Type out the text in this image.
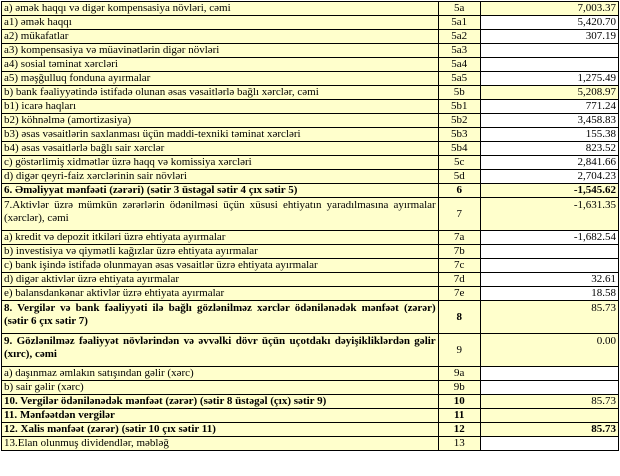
a) əmək haqqı və digər kompensasiya növləri, cəmi	5a	7,003.37
a1) əmək haqqı	5a1	5,420.70
a2) mükafatlar	5a2	307.19
a3) kompensasiya və müavinətlərin digər növləri	5a3	
a4) sosial təminat xərcləri	5a4	
a5) məşğulluq fonduna ayırmalar	5a5	1,275.49
b) bank fəaliyyətində istifadə olunan əsas vəsaitlərlə bağlı xərclər, cəmi	5b	5,208.97
b1) icarə haqları	5b1	771.24
b2) köhnəlmə (amortizasiya)	5b2	3,458.83
b3) əsas vəsaitlərin saxlanması üçün maddi-texniki təminat xərcləri	5b3	155.38
b4) əsas vəsaitlərlə bağlı sair xərclər	5b4	823.52
c) göstərlimiş xidmətlər üzrə haqq və komissiya xərcləri	5c	2,841.66
d) digər qeyri-faiz xərclərinin sair növləri	5d	2,704.23
6. Əməliyyat mənfəəti (zərəri) (sətir 3 üstəgəl sətir 4 çıx sətir 5)	6	-1,545.62
7.Aktivlər üzrə mümkün zərərlərin ödənilməsi üçün xüsusi ehtiyatın yaradılmasına ayırmalar (xərclər), cəmi	7	-1,631.35
a) kredit və depozit itkiləri üzrə ehtiyata ayırmalar	7a	-1,682.54
b) investisiya və qiymətli kağızlar üzrə ehtiyata ayırmalar	7b	
c) bank işində istifadə olunmayan əsas vəsaitlər üzrə ehtiyata ayırmalar	7c	
d) digər aktivlər üzrə ehtiyata ayırmalar	7d	32.61
e) balansdankənar aktivlər üzrə ehtiyata ayırmalar	7e	18.58
8. Vergilər və bank fəaliyyəti ilə bağlı gözlənilməz xərclər ödənilənədək mənfəət (zərər) (sətir 6 çıx sətir 7)	8	85.73
9. Gözlənilməz fəaliyyət növlərindən və əvvəlki dövr üçün uçotdakı dəyişikliklərdən gəlir (xırc), cəmi	9	0.00
a) daşınmaz əmlakın satışından gəlir (xərc)	9a	
b) sair gəlir (xərc)	9b	
10. Vergilər ödənilənədək mənfəət (zərər) (sətir 8 üstəgəl (çıx) sətir 9)	10	85.73
11. Mənfəətdən vergilər	11	
12. Xalis mənfəət (zərər) (sətir 10 çıx sətir 11)	12	85.73
13.Elan olunmuş dividendlər, məbləğ	13	
